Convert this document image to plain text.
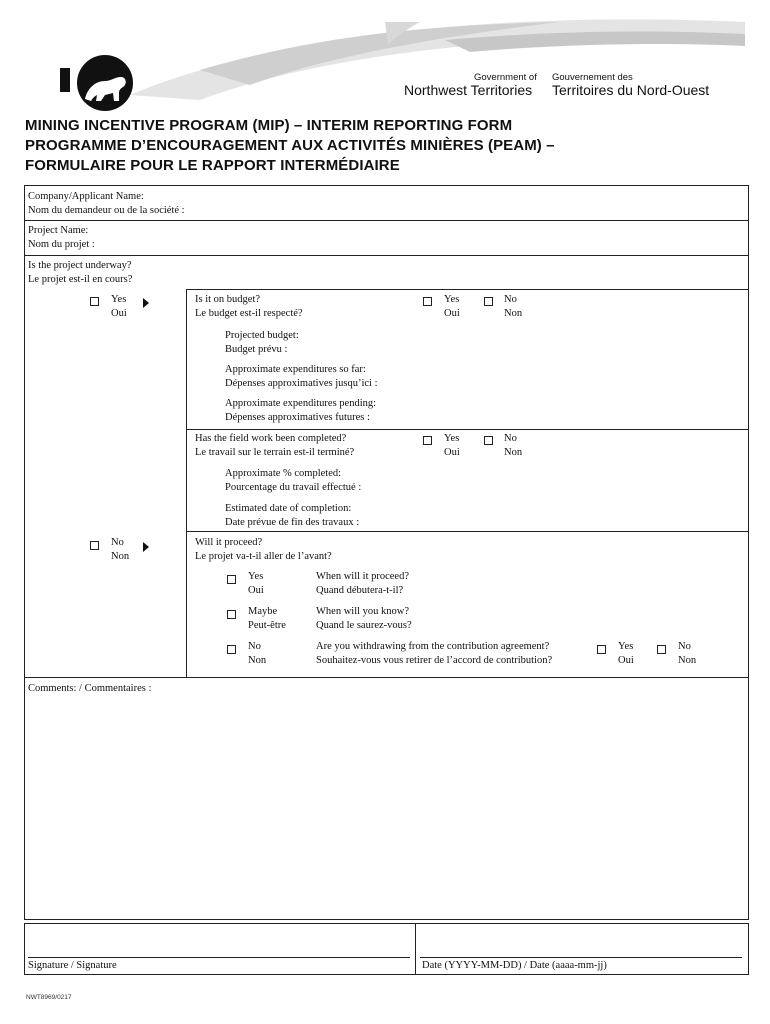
Government of
Northwest Territories
Gouvernement des
Territoires du Nord-Ouest
MINING INCENTIVE PROGRAM (MIP) – INTERIM REPORTING FORM
PROGRAMME D’ENCOURAGEMENT AUX ACTIVITÉS MINIÈRES (PEAM) –
FORMULAIRE POUR LE RAPPORT INTERMÉDIAIRE
Company/Applicant Name:
Nom du demandeur ou de la société :
Project Name:
Nom du projet :
Is the project underway?
Le projet est-il en cours?
Yes
Oui
Is it on budget?
Le budget est-il respecté?
Yes
Oui
No
Non
Projected budget:
Budget prévu :
Approximate expenditures so far:
Dépenses approximatives jusqu’ici :
Approximate expenditures pending:
Dépenses approximatives futures :
Has the field work been completed?
Le travail sur le terrain est-il terminé?
Yes
Oui
No
Non
Approximate % completed:
Pourcentage du travail effectué :
Estimated date of completion:
Date prévue de fin des travaux :
No
Non
Will it proceed?
Le projet va-t-il aller de l’avant?
Yes
Oui
When will it proceed?
Quand débutera-t-il?
Maybe
Peut-être
When will you know?
Quand le saurez-vous?
No
Non
Are you withdrawing from the contribution agreement?
Souhaitez-vous vous retirer de l’accord de contribution?
Yes
Oui
No
Non
Comments: / Commentaires :
Signature / Signature	Date (YYYY-MM-DD) / Date (aaaa-mm-jj)
NWT8969/0217
